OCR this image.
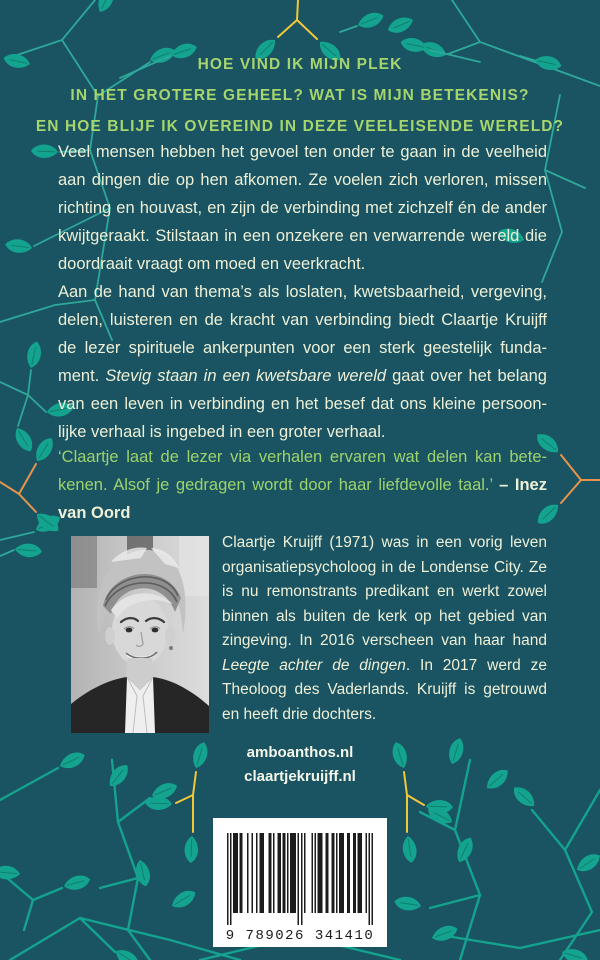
HOE VIND IK MIJN PLEK
IN HET GROTERE GEHEEL? WAT IS MIJN BETEKENIS?
EN HOE BLIJF IK OVEREIND IN DEZE VEELEISENDE WERELD?

Veel mensen hebben het gevoel ten onder te gaan in de veelheid aan dingen die op hen afkomen. Ze voelen zich verloren, missen richting en houvast, en zijn de verbinding met zichzelf én de ander kwijtgeraakt. Stilstaan in een onzekere en verwarrende wereld die doordraait vraagt om moed en veerkracht.

Aan de hand van thema’s als loslaten, kwetsbaarheid, vergeving, delen, luisteren en de kracht van verbinding biedt Claartje Kruijff de lezer spirituele ankerpunten voor een sterk geestelijk fundament. Stevig staan in een kwetsbare wereld gaat over het belang van een leven in verbinding en het besef dat ons kleine persoonlijke verhaal is ingebed in een groter verhaal.

‘Claartje laat de lezer via verhalen ervaren wat delen kan betekenen. Alsof je gedragen wordt door haar liefdevolle taal.’ – Inez van Oord

Claartje Kruijff (1971) was in een vorig leven organisatiepsycholoog in de Londense City. Ze is nu remonstrants predikant en werkt zowel binnen als buiten de kerk op het gebied van zingeving. In 2016 verscheen van haar hand Leegte achter de dingen. In 2017 werd ze Theoloog des Vaderlands. Kruijff is getrouwd en heeft drie dochters.

amboanthos.nl
claartjekruijff.nl
9 789026 341410
